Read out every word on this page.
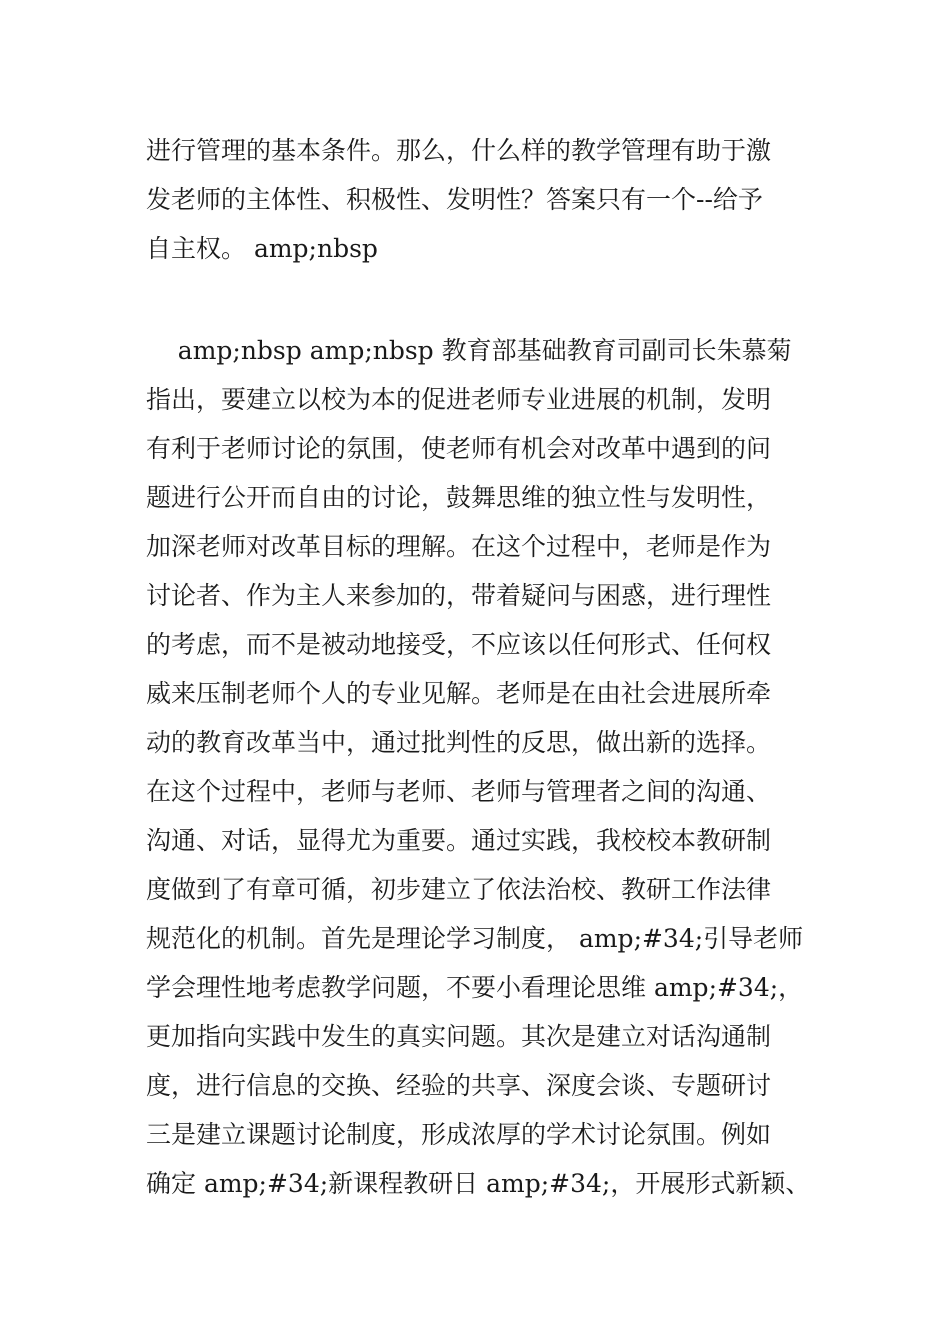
进行管理的基本条件。那么，什么样的教学管理有助于激
发老师的主体性、积极性、发明性？答案只有一个--给予
自主权。 amp;nbsp
amp;nbsp amp;nbsp 教育部基础教育司副司长朱慕菊
指出，要建立以校为本的促进老师专业进展的机制，发明
有利于老师讨论的氛围，使老师有机会对改革中遇到的问
题进行公开而自由的讨论，鼓舞思维的独立性与发明性，
加深老师对改革目标的理解。在这个过程中，老师是作为
讨论者、作为主人来参加的，带着疑问与困惑，进行理性
的考虑，而不是被动地接受，不应该以任何形式、任何权
威来压制老师个人的专业见解。老师是在由社会进展所牵
动的教育改革当中，通过批判性的反思，做出新的选择。
在这个过程中，老师与老师、老师与管理者之间的沟通、
沟通、对话，显得尤为重要。通过实践，我校校本教研制
度做到了有章可循，初步建立了依法治校、教研工作法律
规范化的机制。首先是理论学习制度， amp;#34;引导老师
学会理性地考虑教学问题，不要小看理论思维 amp;#34;，
更加指向实践中发生的真实问题。其次是建立对话沟通制
度，进行信息的交换、经验的共享、深度会谈、专题研讨
三是建立课题讨论制度，形成浓厚的学术讨论氛围。例如
确定 amp;#34;新课程教研日 amp;#34;，开展形式新颖、
